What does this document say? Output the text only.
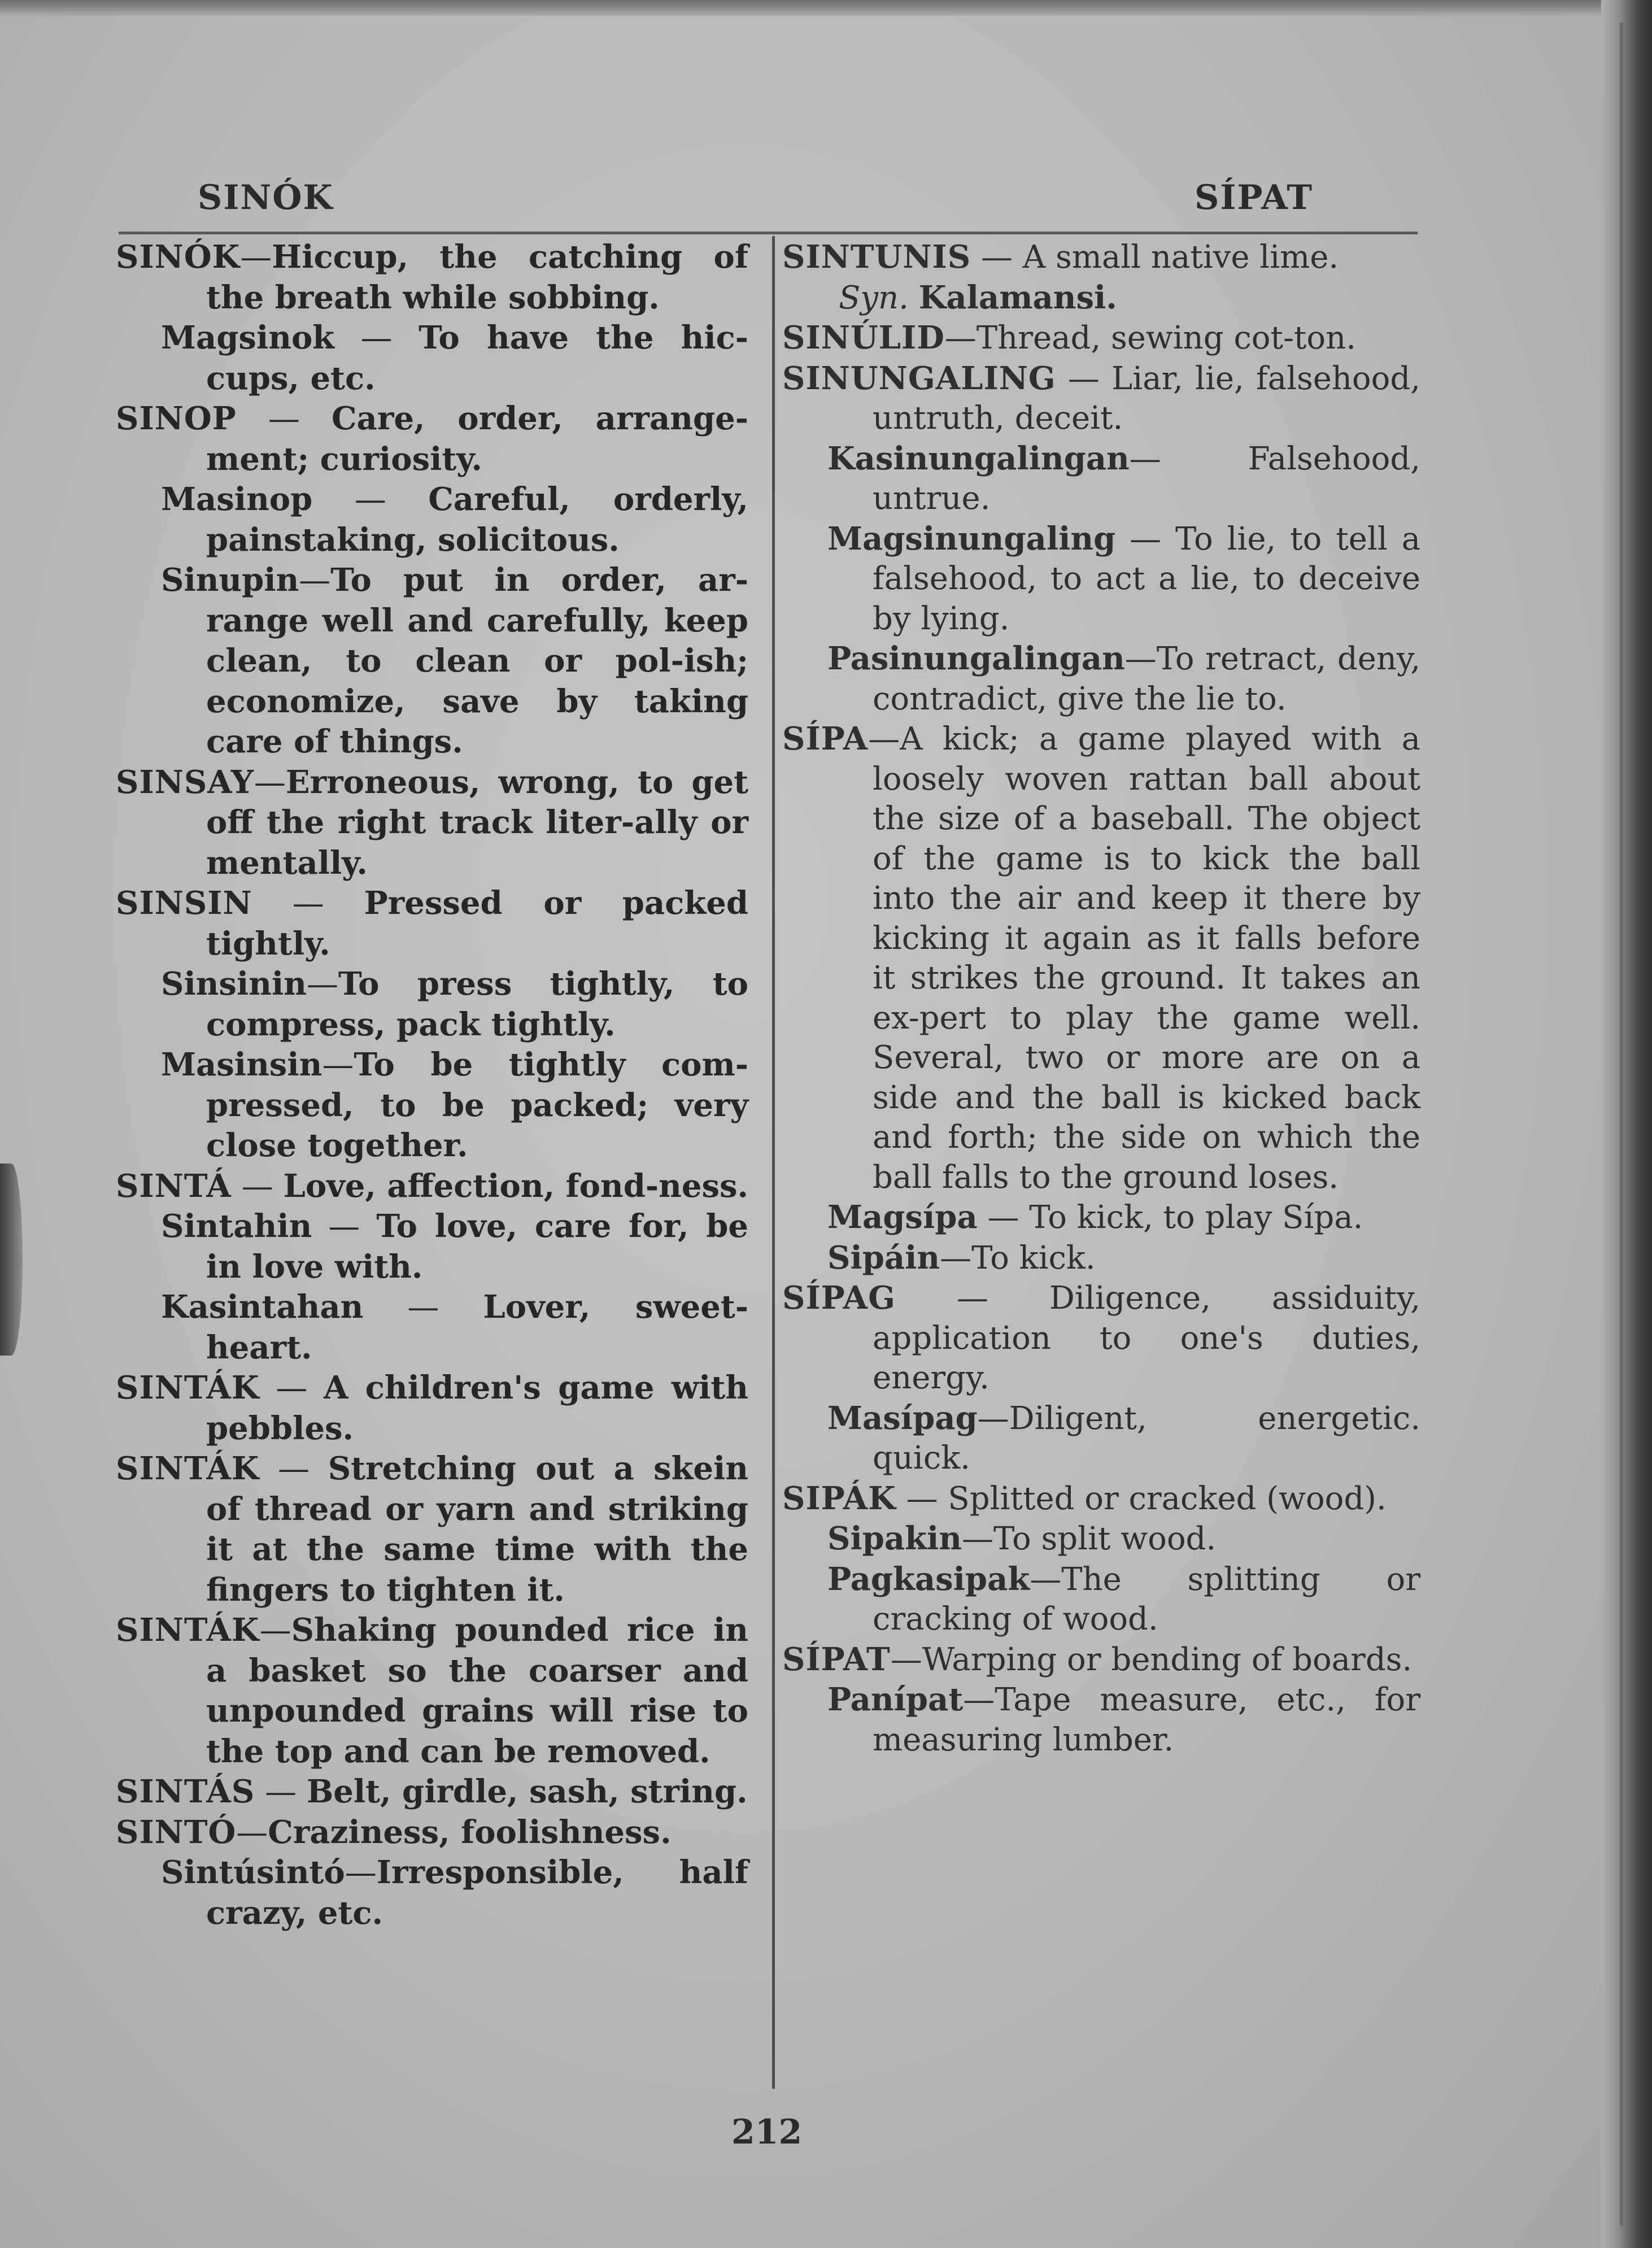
SINÓK	SÍPAT

SINÓK—Hiccup, the catching of the breath while sobbing.

Magsinok — To have the hic-cups, etc.

SINOP — Care, order, arrange-ment; curiosity.

Masinop — Careful, orderly, painstaking, solicitous.

Sinupin—To put in order, ar-range well and carefully, keep clean, to clean or pol-ish; economize, save by taking care of things.

SINSAY—Erroneous, wrong, to get off the right track liter-ally or mentally.

SINSIN — Pressed or packed tightly.

Sinsinin—To press tightly, to compress, pack tightly.

Masinsin—To be tightly com-pressed, to be packed; very close together.

SINTÁ — Love, affection, fond-ness.

Sintahin — To love, care for, be in love with.

Kasintahan — Lover, sweet-heart.

SINTÁK — A children's game with pebbles.

SINTÁK — Stretching out a skein of thread or yarn and striking it at the same time with the fingers to tighten it.

SINTÁK—Shaking pounded rice in a basket so the coarser and unpounded grains will rise to the top and can be removed.

SINTÁS — Belt, girdle, sash, string.

SINTÓ—Craziness, foolishness.

Sintúsintó—Irresponsible, half crazy, etc.

SINTUNIS — A small native lime.

Syn. Kalamansi.

SINÚLID—Thread, sewing cot-ton.

SINUNGALING — Liar, lie, falsehood, untruth, deceit.

Kasinungalingan— Falsehood, untrue.

Magsinungaling — To lie, to tell a falsehood, to act a lie, to deceive by lying.

Pasinungalingan—To retract, deny, contradict, give the lie to.

SÍPA—A kick; a game played with a loosely woven rattan ball about the size of a baseball. The object of the game is to kick the ball into the air and keep it there by kicking it again as it falls before it strikes the ground. It takes an ex-pert to play the game well. Several, two or more are on a side and the ball is kicked back and forth; the side on which the ball falls to the ground loses.

Magsípa — To kick, to play Sípa.

Sipáin—To kick.

SÍPAG — Diligence, assiduity, application to one's duties, energy.

Masípag—Diligent, energetic. quick.

SIPÁK — Splitted or cracked (wood).

Sipakin—To split wood.

Pagkasipak—The splitting or cracking of wood.

SÍPAT—Warping or bending of boards.

Panípat—Tape measure, etc., for measuring lumber.

212
